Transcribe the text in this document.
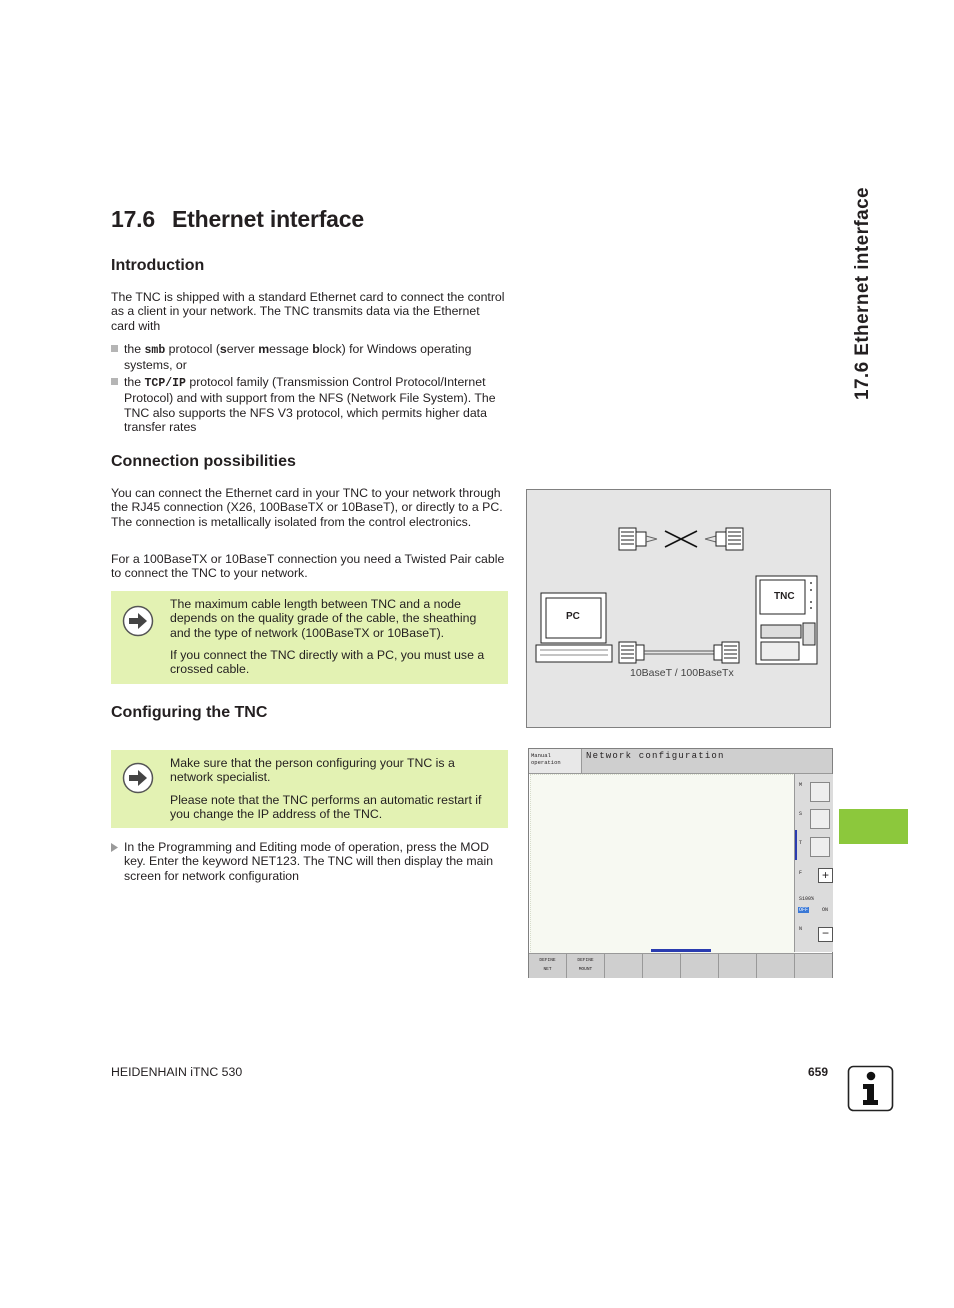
17.6 Ethernet interface
17.6 Ethernet interface
Introduction

The TNC is shipped with a standard Ethernet card to connect the control as a client in your network. The TNC transmits data via the Ethernet card with

the smb protocol (server message block) for Windows operating systems, or
the TCP/IP protocol family (Transmission Control Protocol/Internet Protocol) and with support from the NFS (Network File System). The TNC also supports the NFS V3 protocol, which permits higher data transfer rates
Connection possibilities

You can connect the Ethernet card in your TNC to your network through the RJ45 connection (X26, 100BaseTX or 10BaseT), or directly to a PC. The connection is metallically isolated from the control electronics.

For a 100BaseTX or 10BaseT connection you need a Twisted Pair cable to connect the TNC to your network.

The maximum cable length between TNC and a node depends on the quality grade of the cable, the sheathing and the type of network (100BaseTX or 10BaseT).

If you connect the TNC directly with a PC, you must use a crossed cable.

Configuring the TNC

Make sure that the person configuring your TNC is a network specialist.

Please note that the TNC performs an automatic restart if you change the IP address of the TNC.

In the Programming and Editing mode of operation, press the MOD key. Enter the keyword NET123. The TNC will then display the main screen for network configuration
PC
TNC
10BaseT / 100BaseTx
Manual operation
Network configuration
M
S
T
F	+
S100%
OFF	ON
N	−
DEFINE
NET
DEFINE
MOUNT
HEIDENHAIN iTNC 530	659
